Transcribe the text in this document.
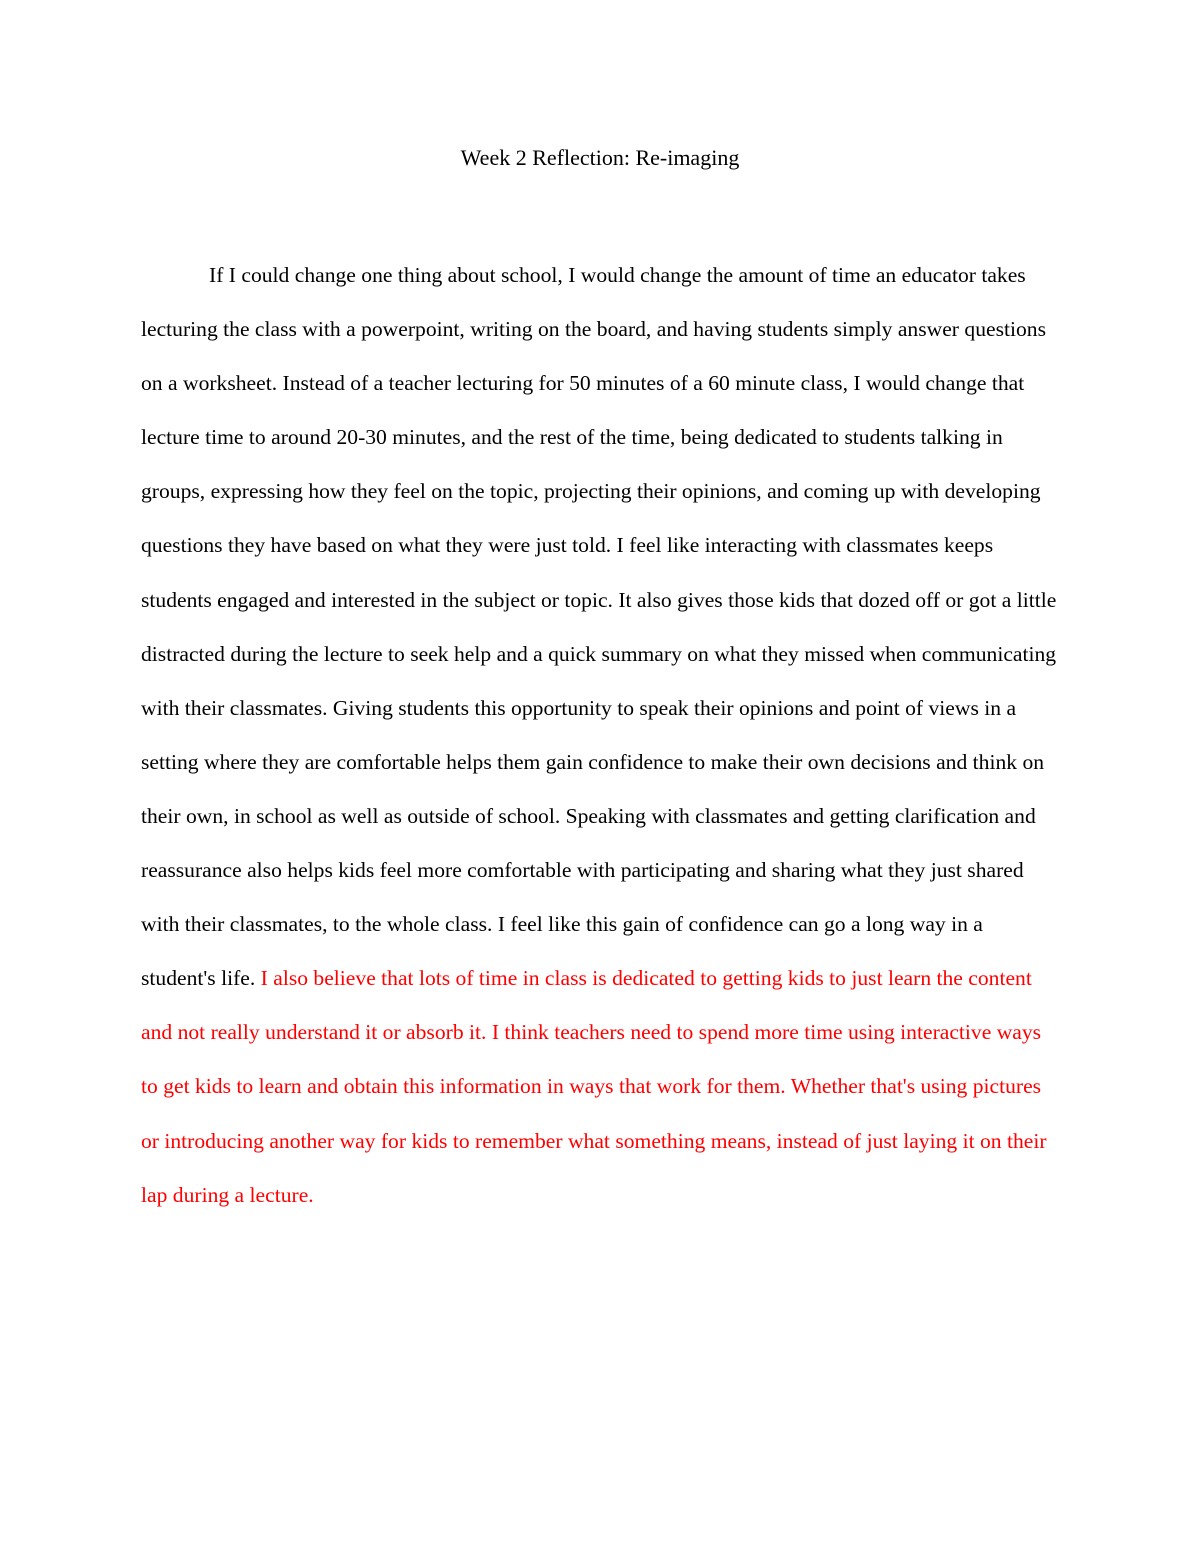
Week 2 Reflection: Re-imaging

If I could change one thing about school, I would change the amount of time an educator takes lecturing the class with a powerpoint, writing on the board, and having students simply answer questions on a worksheet. Instead of a teacher lecturing for 50 minutes of a 60 minute class, I would change that lecture time to around 20-30 minutes, and the rest of the time, being dedicated to students talking in groups, expressing how they feel on the topic, projecting their opinions, and coming up with developing questions they have based on what they were just told. I feel like interacting with classmates keeps students engaged and interested in the subject or topic. It also gives those kids that dozed off or got a little distracted during the lecture to seek help and a quick summary on what they missed when communicating with their classmates. Giving students this opportunity to speak their opinions and point of views in a setting where they are comfortable helps them gain confidence to make their own decisions and think on their own, in school as well as outside of school. Speaking with classmates and getting clarification and reassurance also helps kids feel more comfortable with participating and sharing what they just shared with their classmates, to the whole class. I feel like this gain of confidence can go a long way in a student's life. I also believe that lots of time in class is dedicated to getting kids to just learn the content and not really understand it or absorb it. I think teachers need to spend more time using interactive ways to get kids to learn and obtain this information in ways that work for them. Whether that's using pictures or introducing another way for kids to remember what something means, instead of just laying it on their lap during a lecture.
